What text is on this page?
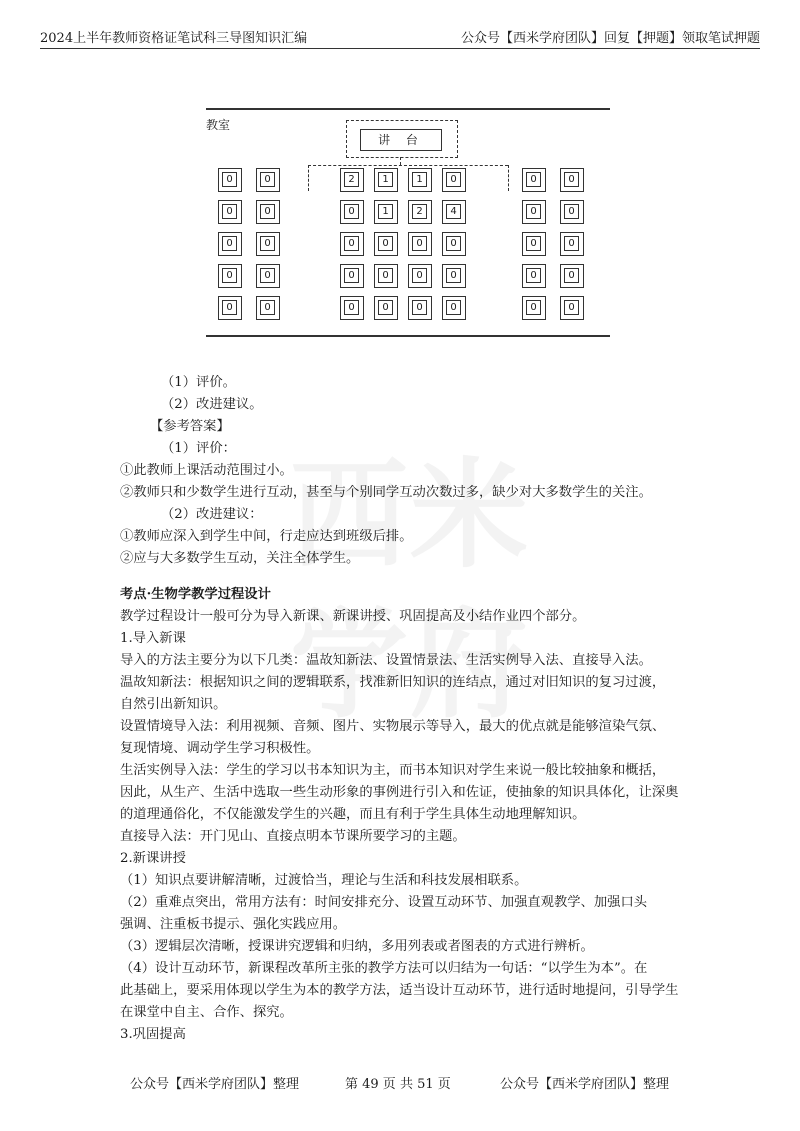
2024上半年教师资格证笔试科三导图知识汇编	公众号【西米学府团队】回复【押题】领取笔试押题
教室
讲 台
0	0
0	0
0	0
0	0
0	0
2	1	1	0
0	1	2	4
0	0	0	0
0	0	0	0
0	0	0	0
0	0
0	0
0	0
0	0
0	0

（1）评价。

（2）改进建议。

【参考答案】

（1）评价：

①此教师上课活动范围过小。

②教师只和少数学生进行互动，甚至与个别同学互动次数过多，缺少对大多数学生的关注。

（2）改进建议：

①教师应深入到学生中间，行走应达到班级后排。

②应与大多数学生互动，关注全体学生。

考点·生物学教学过程设计

教学过程设计一般可分为导入新课、新课讲授、巩固提高及小结作业四个部分。

1.导入新课

导入的方法主要分为以下几类：温故知新法、设置情景法、生活实例导入法、直接导入法。

温故知新法：根据知识之间的逻辑联系，找准新旧知识的连结点，通过对旧知识的复习过渡，

自然引出新知识。

设置情境导入法：利用视频、音频、图片、实物展示等导入，最大的优点就是能够渲染气氛、

复现情境、调动学生学习积极性。

生活实例导入法：学生的学习以书本知识为主，而书本知识对学生来说一般比较抽象和概括，

因此，从生产、生活中选取一些生动形象的事例进行引入和佐证，使抽象的知识具体化，让深奥

的道理通俗化，不仅能激发学生的兴趣，而且有利于学生具体生动地理解知识。

直接导入法：开门见山、直接点明本节课所要学习的主题。

2.新课讲授

（1）知识点要讲解清晰，过渡恰当，理论与生活和科技发展相联系。

（2）重难点突出，常用方法有：时间安排充分、设置互动环节、加强直观教学、加强口头

强调、注重板书提示、强化实践应用。

（3）逻辑层次清晰，授课讲究逻辑和归纳，多用列表或者图表的方式进行辨析。

（4）设计互动环节，新课程改革所主张的教学方法可以归结为一句话：“以学生为本”。在

此基础上，要采用体现以学生为本的教学方法，适当设计互动环节，进行适时地提问，引导学生

在课堂中自主、合作、探究。

3.巩固提高

公众号【西米学府团队】整理	第 49 页 共 51 页	公众号【西米学府团队】整理
